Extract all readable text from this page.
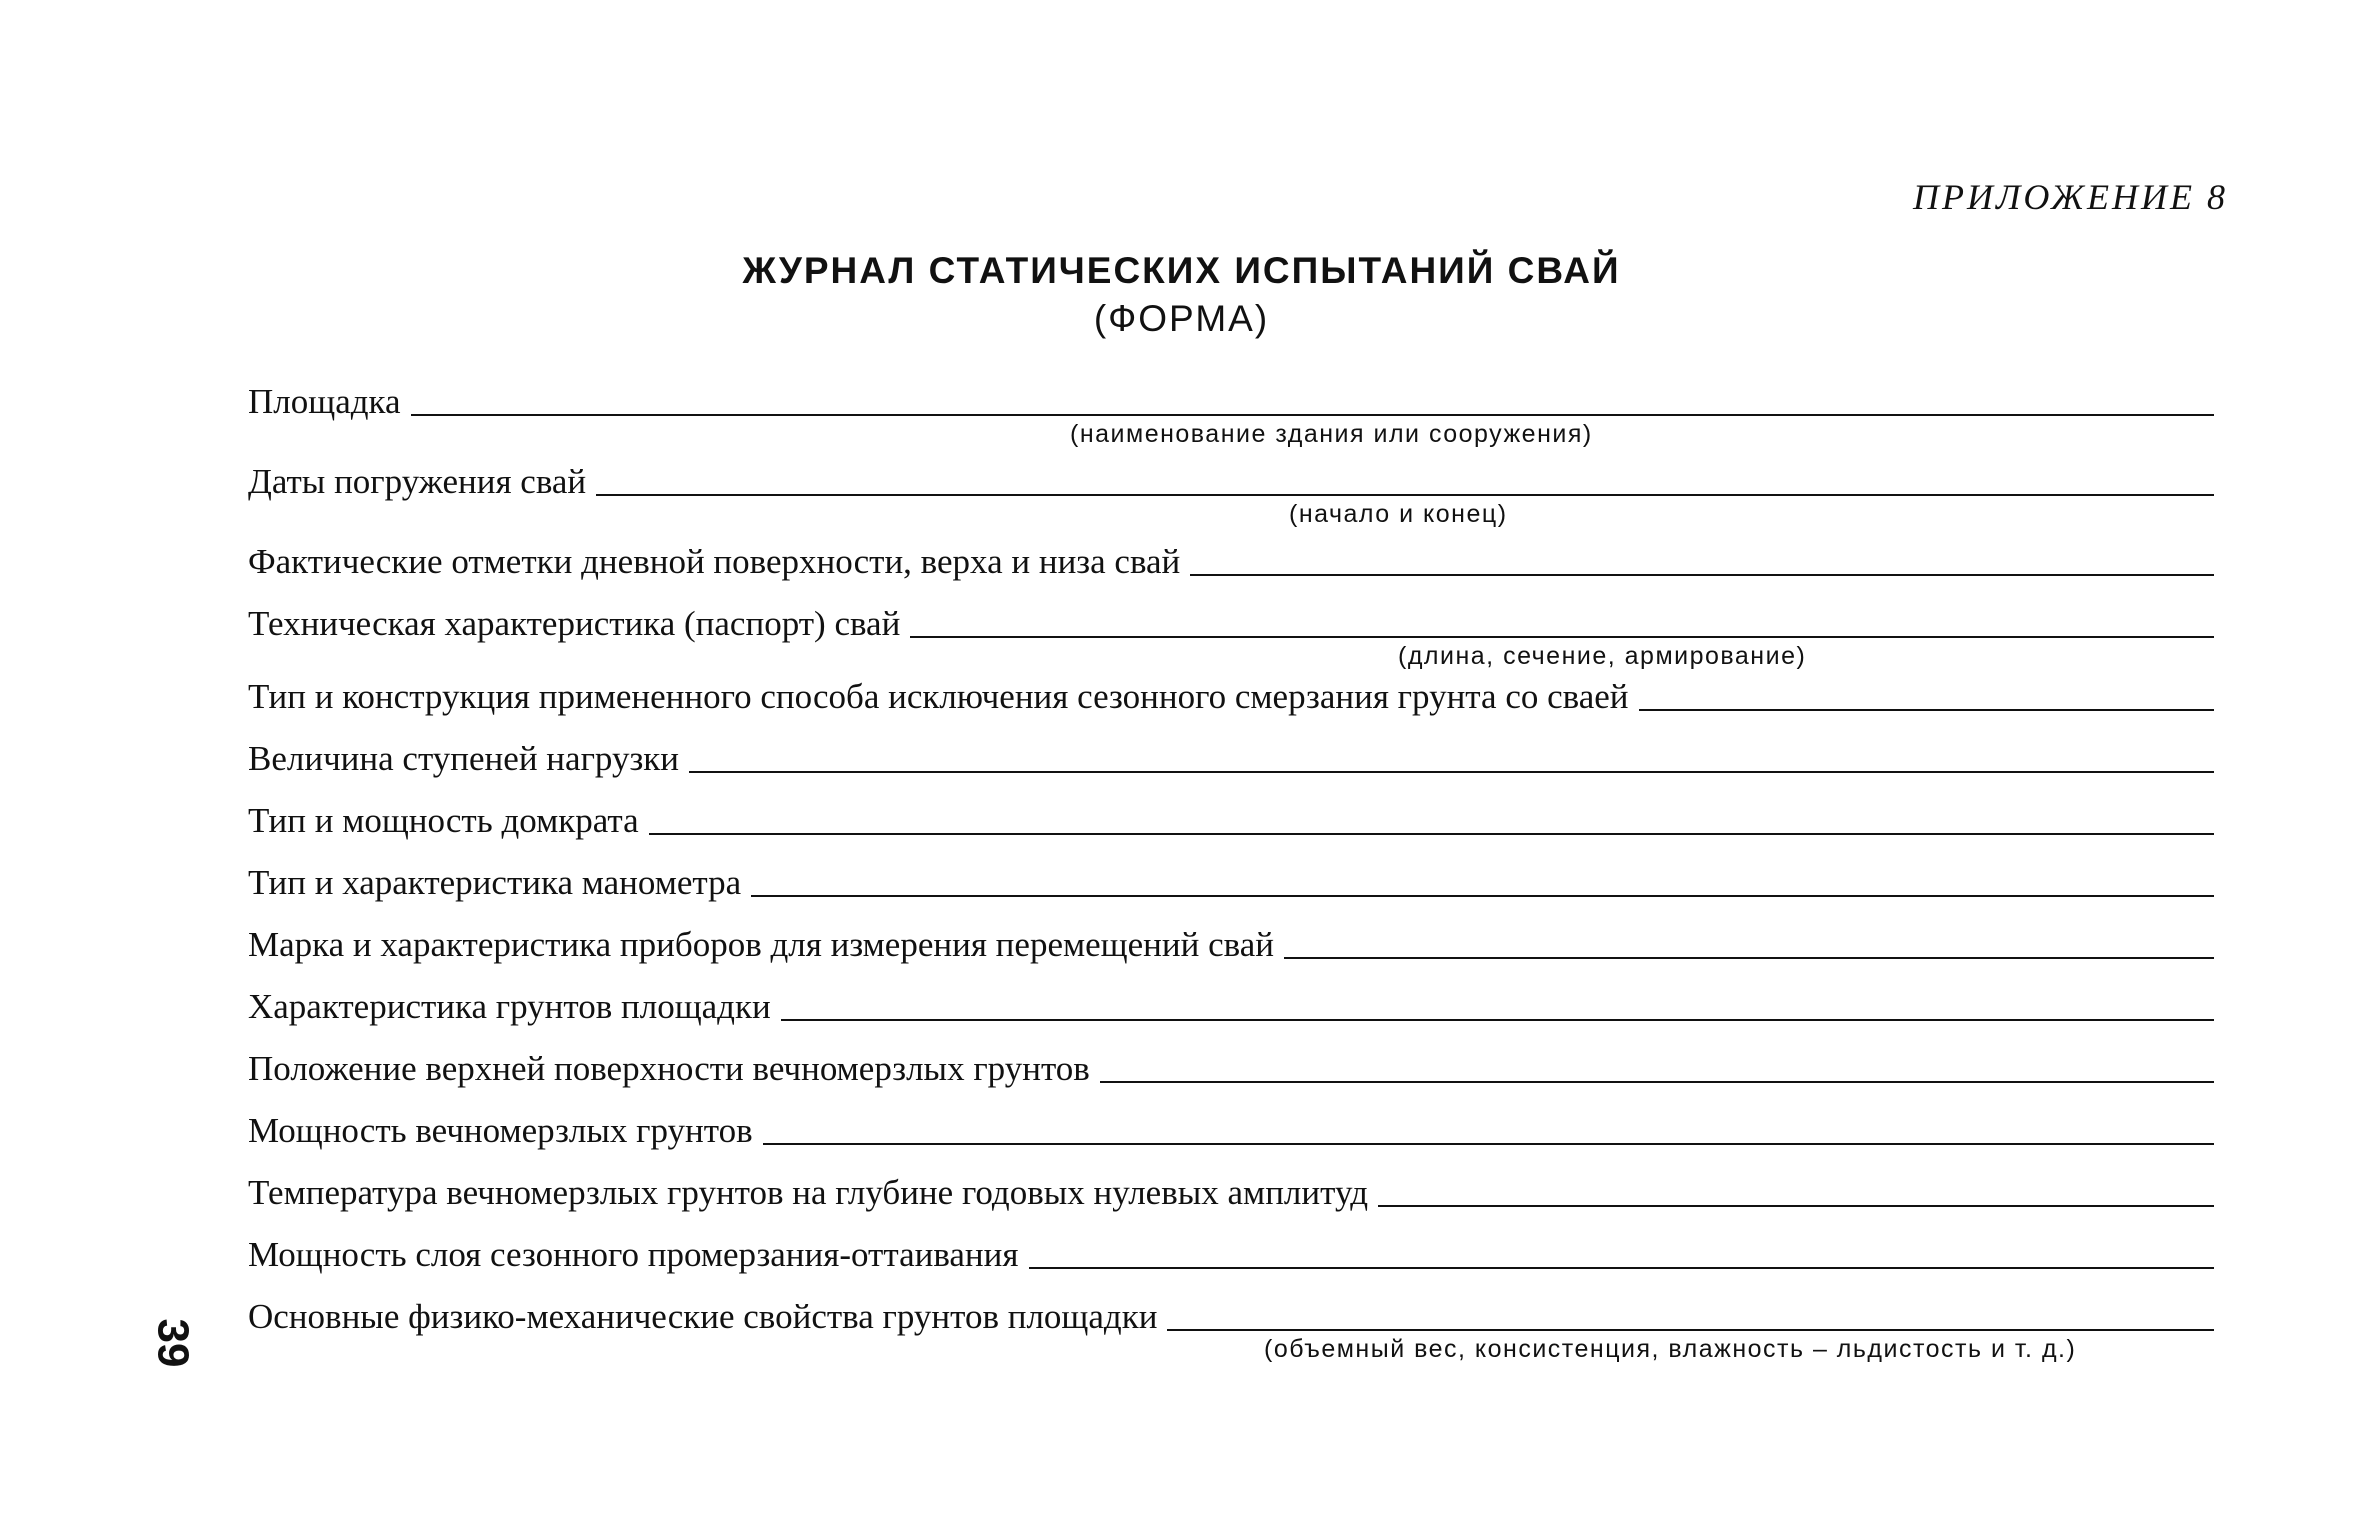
ПРИЛОЖЕНИЕ 8
ЖУРНАЛ СТАТИЧЕСКИХ ИСПЫТАНИЙ СВАЙ
(ФОРМА)
Площадка
(наименование здания или сооружения)
Даты погружения свай
(начало и конец)
Фактические отметки дневной поверхности, верха и низа свай
Техническая характеристика (паспорт) свай
(длина, сечение, армирование)
Тип и конструкция примененного способа исключения сезонного смерзания грунта со сваей
Величина ступеней нагрузки
Тип и мощность домкрата
Тип и характеристика манометра
Марка и характеристика приборов для измерения перемещений свай
Характеристика грунтов площадки
Положение верхней поверхности вечномерзлых грунтов
Мощность вечномерзлых грунтов
Температура вечномерзлых грунтов на глубине годовых нулевых амплитуд
Мощность слоя сезонного промерзания-оттаивания
Основные физико-механические свойства грунтов площадки
(объемный вес, консистенция, влажность – льдистость и т. д.)
39
